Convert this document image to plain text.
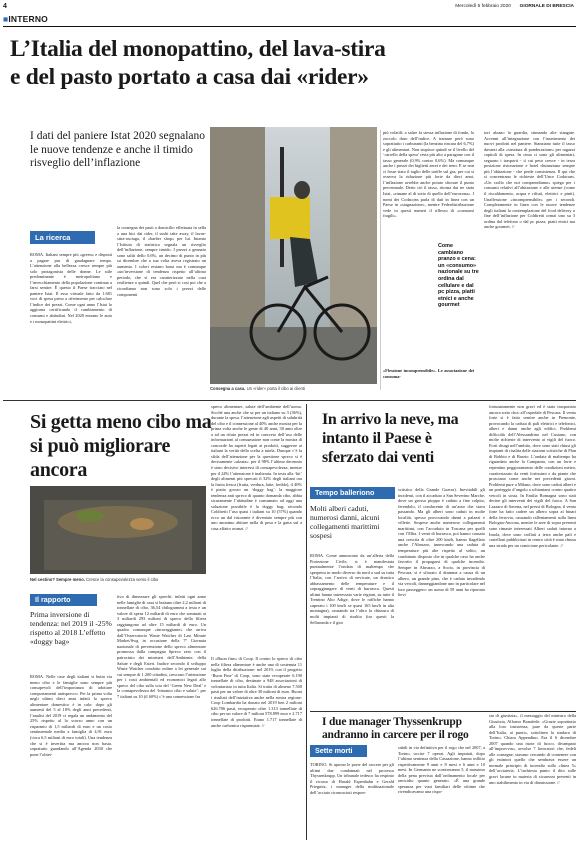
4	Mercoledì 5 febbraio 2020 GIORNALE DI BRESCIA
■INTERNO
L’Italia del monopattino, del lava-stira
e del pasto portato a casa dai «rider»
I dati del paniere Istat 2020 segnalano le nuove tendenze e anche il timido risveglio dell’inflazione
La ricerca
ROMA. Italiani sempre più «green» e disposti a pagare pur di guadagnare tempo. L’attenzione alla bellezza cresce sempre più solo protagonista delle donne. Le stile predominante è metropolitano e l’invecchiamento della popolazione continua a farsi sentire. È questo il Paese tracciato nel paniere Istat. Il esso virtuale fatto da 1.681 voci di spesa preso a riferimento per calcolare l’indice dei prezzi. Come ogni anno l’Istat lo aggiorna certificando il cambiamento di consumi e abitudini. Nel 2020 entrano le auto e i monopattini elettrici,
la consegna dei pasti a domicilio effettuata in sella a una bici dai rider, il sushi take away, il lavaz-stira-asciuga, il «barber shop» per lui. Intanto l’Istituto di statistica segnala un risveglio dell’inflazione, sempre timido. I prezzi a gennaio sono saliti dello 0,6%, un decimo di punto in più su dicembre che a sua volta aveva registrato un aumento. I colori restano bassi ma è comunque «un’inversione di tendenza rispetto all’ultimo periodo, che si era caratterizzato nella cura resilienze o quindi. Quel che però si cosi poi che a ricordiamo non sono solo i prezzi delle componenti
Consegna a casa. Un «rider» porta il cibo ai clienti
più volatili: a salire fa stessa inflazione di fondo, lo zoccolo duro dell’indice. A trainare però sono soprattutto i carburanti (la benzina rincara del 6,7%) e gli alimentari. Non stupisce quindi se il livello del ‘carrello della spesa’ resta più alto a paragone con il tasso generale (0,9% contro 0,6%). Ma comunque anche i prezzi dei biglietti aerei e dei treni. E se non ci fosse stato il taglio delle tariffe sul gas, per cui si osserva la riduzione più forte da dieci anni, l’inflazione avrebbe anche potuto sfiorare il punto percentuale. Detto ciò il tasso, ritorna dai tre stata Istat, «rimane al di sotto di quello dell’eurozona». I nomi dei Codacons parla di dati in linea con un Paese in «stagnazione», mentre Federdistribuzione vede in questi numeri il riflesso di «consumi fragili».
«Flessione incomprensibile». Le associazione dei consuma-
Come cambiano pranzo e cena: un «consumo» nazionale su tre ordina dal cellulare e dal pc pizza, piatti etnici e anche gourmet
tori alzano la guardia, stimando alte stangate. Accenni all’integrazione con l’inserimento dei nuovi prodotti nel paniere. Stanziano tutte il tasso davanti alla «struttura di ponderazione» per ragazzi capitoli di spesa. In cima ci sono gli alimentari, seguono i trasporti - ti cui peso cresce - in terza posizione ristorazione e hotel distanziano sempre più l’abitazione - che perde consistenza. Il qui che si concentrano le richieste dell’Unce Codacons. «Un crollo che noi comprendiamo» spiega per i consumi relativi all’abitazione e alle utenze (come il riscaldamento, acqua e rifiuti, elettrici e pinti). Unaflessione «incomprensibile» per i secondi. Completamente in linea con le nuove tendenze degli italiani la contemplazione del food delivery a fine dell’inflazione per Coldiretti ormai uno su 3 ordina dal telefono o dal pc pizza, piatti etnici ma anche gourmet. //
Si getta meno cibo ma si può migliorare ancora
Nel cestino? Sempre meno. Cresce la consapevolezza verso il cibo
Il rapporto
Prima inversione di tendenza: nel 2019 il -25% rispetto al 2018 L’effetto «doggy bag»
ROMA. Nelle case degli italiani si butta via meno cibo e le famiglie sono sempre più consapevoli dell’importanza di adottare comportamenti antisprecco. Per la prima volta negli ultimi dieci anni infatti lo spreco alimentare domestico è in calo: dopo gli aumenti del 5 al 10% degli anni precedenti, l’analisi del 2019 ci regala un andamento del 25% rispetto al lo scorso anno con un risparmio di 1,5 miliardi di euro e un costo sentimentale medio a famiglia di 4,91 euro (circa 6,5 milioni di euro totali). Una tendenza che si è invertita ma ancora non basta. sopratutto guardando all’Agenda 2030 che pone l’obiet-
tivo di dimezzare gli sprechi: infatti ogni anno nelle famiglie di casa si buttano oltre 2,2 milioni di tonnellate di cibo, 36,54 chilogrammi a testa e un valore di spesa 12 miliardi di euro che sommati ai 3 miliardi 293 milioni di spreco della filiera raggiungono ad oltre 15 miliardi di euro. Un quadro comunque «incoraggiante» che arriva dall’Osservatorio Waste Watcher di Last Minute Market/Swg in occasione della 7ª Giornata nazionale di prevenzione dello spreco alimentare promossa dalla campagna Spreco zero con il patrocinio dei ministeri dell’Ambiente, della Salute e degli Esteri. Inoltre secondo il sviluppo Waste Watcher condotto online a lei generale sui cui sempre di 1.200 cittadini, crescono l’attenzione per i costi ambientali ed economici legati allo spreco del cibo sulla scia del ‘Green New Deal’ e la consapevolezza del ‘binomio cibo e salute’: per 7 italiani su 10 (il 60%) c’è una connessione fra
spreco alimentare, salute dell’ambiente dell’uomo. Sicché una anche che se per un italiano su 3 (36%), durante la spesa. l’attenzione agli aspetti di salubrità del cibo e il connessione al 40% anche mostra per la prima volta anche le gente di 40 anni, 30 anni oltre a ad un rifuto prezzi ed in concreto dell’uso delle informazioni al consumatore non come la mostra di concorde ha aspetti legati ai prodotti, suggerire ai italiani la verità della scelta a tutela. Dunque c’è la sfida dell’attenzione per la questione spreco si è decisamente «alzata»: per il 98% l’ultimo decennio è stato decisivo interessi di consapevolezza, mentre per il 24% l’attenzione è inalterata. In testa alla ‘hit’ degli alimenti più sprecati il 32% degli italiani ora la frutta fresca (frutta, verdura, latte, freddo), il 40% è piatto grosso un ‘doggy bag’: la maggiore tendenza anti spreco di quanto domanda cibo, abbia sicuramente l’abitudine è consumato ad oggi una soluzione possibile è la doggy bag; secondo Coldiretti l’uso quasi i italiani su 10 (57%) quando ecco un dal ristorante è diventato sempre più con uno anonimo abitare nella di pesa e la gatta sul a casa affatto avanzi. //
Il «Buon fine» di Coop. Il contro lo spreco di cibo nella filiera alimentare è anche una di sostenuta 11 luglio della ditribuzione: nel 2019, con il progetto ‘Buon Fine’ di Coop, sono state recuperate 6.190 tonnellate di cibo, destinate a 948 associazioni di volontariato in tutta Italia. Si tratta di almeno 7.500 pasti per un valore di oltre 30 milioni di euro. Buoni i risultati dell’iniziativa anche nella nostra regione: Coop Lombardia ha donato nel 2019 ben 2 milioni 626.706 pasti, recuperato oltre 1.313 tonnellate di cibo per un valore di 7 milioni 578.899 euro e 2.717 tonnellate di prodotti. Erano 1.717 tonnellate di anche carbonica risparmiate. //
In arrivo la neve, ma intanto il Paese è sferzato dai venti
Tempo balleriono
Molti alberi caduti, numerosi danni, alcuni collegamenti marittimi sospesi
ROMA. Come annunciato da un’allerta della Protezione Civile, si è manifestata puntualmente l’ondata di maltempo che sperpetra in modo diverso da nord a sud su tutta l’Italia, con l’arrivo di nevicate, un drastico abbassamento delle temperature e il sopraggiungere di venti di burrasca. Questi ultimi hanno interessato varie regioni, su tutte il Trentino Alto Adige, dove le raffiche hanno superato i 100 km/h se quasi 165 km/h in alta montagna), causando tra l’altro la chiusura di molti impianti di risalita (tra questi la Sellaronda e il giro
sciistico della Grande Guerra). Inevitabili gli incidenti, con il accaduto a San Severino Marche, dove un grosso pioppo è caduto a fine colpito, ferendolo, il conducente di un’auto che stava passando. Ma gli alberi sono caduti in molte località, spesso provocando danni a palazzi e villette. Sospese anche numerose collegamenti marittimi, con l’accaduto in Toscana per quelli con l’Elba. I venti di burrasca, poi hanno causato una crescita di oltre 200 km/h, hanno flagellato anche l’Abruzzo, innescando una caduta di temperature più alte rispetto al solito, un combinato disposto che in qualche caso ha anche favorito il propagarsi di qualche incendio. Sempre in Abruzzo, a Scoio, in provincia di Pescara, si è sfiorato il dramma a causa di un albero, un grande pino, che è caduto invadendo via veicoli, danneggiandone uno in particolare nel loro passeggero: un uomo di 59 anni ha riportato lievi
fortunatamente non gravi ed è stato trasportato ancora sotto choc all’ospedale di Pescara. Il vento forte si è fatto sentire anche in Piemonte, provocando la caduta di pali elettrici e telefonici, alberi e danni anche agli edifici. Problemi difficoltà dell’Alessandrino nel Cusiano, con molte richieste di intervento ai vigili del fuoco. Forti disagi nell’ambito, dove sono stati chiusi gli impianti di risalita delle stazioni sciistiche di Plan di Bobbio e di Barzio. L’ondata di maltempo ha riguardato anche la Campania, con un forte e repentino peggioramento delle condizioni meteo, caratterizzato da venti fortissimi e da piante che prosciano come anche nei precedenti giorni. Problemi pure a Milano, dove sono caduti alberi e un porteggio d’angolo a schiantarsi contro quattro veicoli in sosta. In Emilia Romagna sono stati decine gli interventi dei vigili del fuoco. A San Lazzaro di Savena, nel pressi di Bologna, il vento forte ha fatto cadere un albero sopra ai binari della ferrovia, causando rallentamenti sulla linea Bologna-Ancona, mentre le aree di sopra presenti sono rimaste interessati Alberi caduti intorno a Imola, dove sono crollati a terra anche pali e cartelloni pubblicitari in centro città è stata chiusa una strada per un comicione pericolante. //
I due manager Thyssenkrupp
andranno in carcere per il rogo
Sette morti
TORINO. Si aprono le porte del carcere per gli ultimi due condannati nel processo Thyssenkrupp. Un tribunale tedesco ha respinto il ricorso di Harald Espenhahn e Gerald Priegnitz, i manager della multinazionale dell’acciaio riconosciuti respon-
sabili in via definitiva per il rogo che nel 2007, a Torino, uccise 7 operai. Agli imputati, dopo l’ultima sentenza della Cassazione, hanno inflitto rispettivamente 9 anni e 8 mesi e 6 anni e 10 mesi. In Germania ne scontreranno 5, il massimo della pena prevista dall’ordinamento locale per omicidio quanto generato. «È una grande speranza per vuoi familiari delle vittime che rivendicavamo una rispo-
sta di giustizia», il messaggio del ministro della Giustizia, Alfonso Bonafede. «Grazie soprattutto alla loro insistenza, pure da queste parte dell’Italia, ai punti», sottolinea la sindaca di Torino, Chiara Appendino. Era il 6 dicembre 2007 quando una ruote di fuoco, divampato all’improvviso, avvolse 7 lavoratori che, fedeli alle consegne, stavano cercando di contenere con gli estintori quello che sembrava essere un normale principio di incendio sulla «linea 5» dell’acciaieria. L’inchiesta punto il dito sulle gravi lacune in materia di sicurezza presenti in uno stabilimento in via di dismissione. //
